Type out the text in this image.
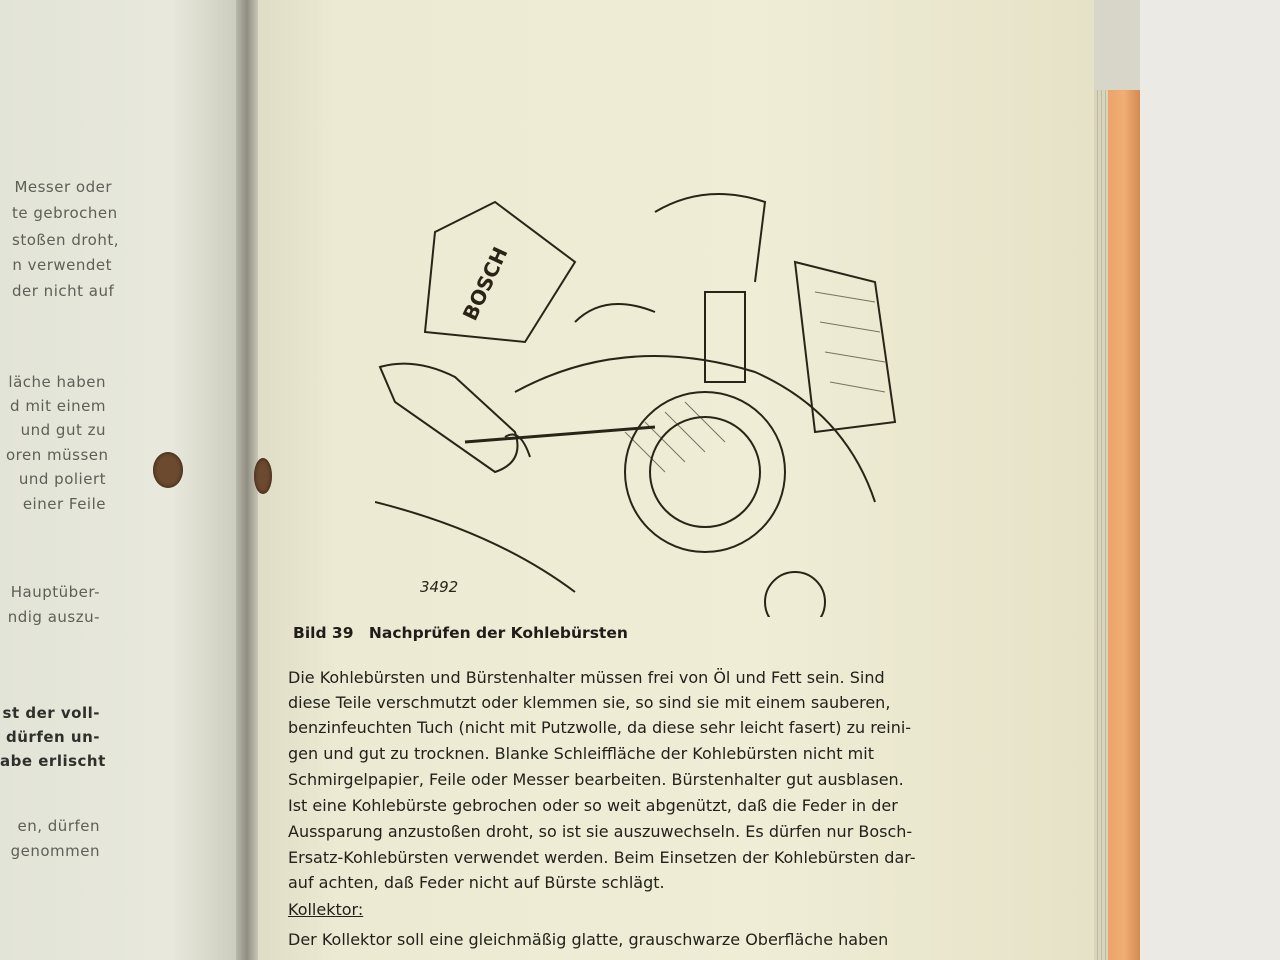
Messer oder
te gebrochen
stoßen droht,
n verwendet
der nicht auf
läche haben
d mit einem
und gut zu
oren müssen
und poliert
einer Feile
Hauptüber-
ndig auszu-
st der voll-
dürfen un-
abe erlischt
en, dürfen
genommen
BOSCH
3492
Bild 39 Nachprüfen der Kohlebürsten
Die Kohlebürsten und Bürstenhalter müssen frei von Öl und Fett sein. Sind
diese Teile verschmutzt oder klemmen sie, so sind sie mit einem sauberen,
benzinfeuchten Tuch (nicht mit Putzwolle, da diese sehr leicht fasert) zu reini-
gen und gut zu trocknen. Blanke Schleiffläche der Kohlebürsten nicht mit
Schmirgelpapier, Feile oder Messer bearbeiten. Bürstenhalter gut ausblasen.
Ist eine Kohlebürste gebrochen oder so weit abgenützt, daß die Feder in der
Aussparung anzustoßen droht, so ist sie auszuwechseln. Es dürfen nur Bosch-
Ersatz-Kohlebürsten verwendet werden. Beim Einsetzen der Kohlebürsten dar-
auf achten, daß Feder nicht auf Bürste schlägt.
Kollektor:
Der Kollektor soll eine gleichmäßig glatte, grauschwarze Oberfläche haben
